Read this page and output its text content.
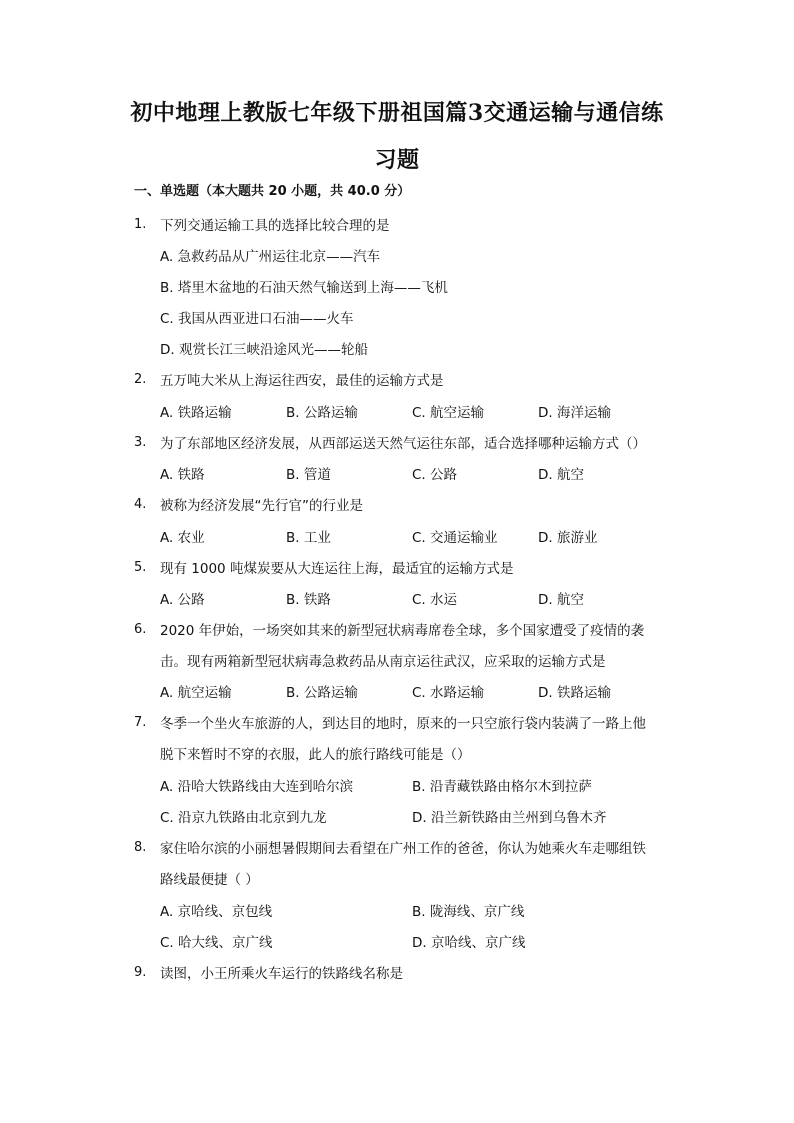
初中地理上教版七年级下册祖国篇3交通运输与通信练
习题
一、单选题（本大题共 20 小题，共 40.0 分）
1. 下列交通运输工具的选择比较合理的是
A. 急救药品从广州运往北京——汽车
B. 塔里木盆地的石油天然气输送到上海——飞机
C. 我国从西亚进口石油——火车
D. 观赏长江三峡沿途风光——轮船
2. 五万吨大米从上海运往西安，最佳的运输方式是
A. 铁路运输	B. 公路运输	C. 航空运输	D. 海洋运输
3. 为了东部地区经济发展，从西部运送天然气运往东部，适合选择哪种运输方式（）
A. 铁路	B. 管道	C. 公路	D. 航空
4. 被称为经济发展“先行官”的行业是
A. 农业	B. 工业	C. 交通运输业	D. 旅游业
5. 现有 1000 吨煤炭要从大连运往上海，最适宜的运输方式是
A. 公路	B. 铁路	C. 水运	D. 航空
6. 2020 年伊始，一场突如其来的新型冠状病毒席卷全球，多个国家遭受了疫情的袭
击。现有两箱新型冠状病毒急救药品从南京运往武汉，应采取的运输方式是
A. 航空运输	B. 公路运输	C. 水路运输	D. 铁路运输
7. 冬季一个坐火车旅游的人，到达目的地时，原来的一只空旅行袋内装满了一路上他
脱下来暂时不穿的衣服，此人的旅行路线可能是（）
A. 沿哈大铁路线由大连到哈尔滨	B. 沿青藏铁路由格尔木到拉萨
C. 沿京九铁路由北京到九龙	D. 沿兰新铁路由兰州到乌鲁木齐
8. 家住哈尔滨的小丽想暑假期间去看望在广州工作的爸爸，你认为她乘火车走哪组铁
路线最便捷（ ）
A. 京哈线、京包线	B. 陇海线、京广线
C. 哈大线、京广线	D. 京哈线、京广线
9. 读图，小王所乘火车运行的铁路线名称是
